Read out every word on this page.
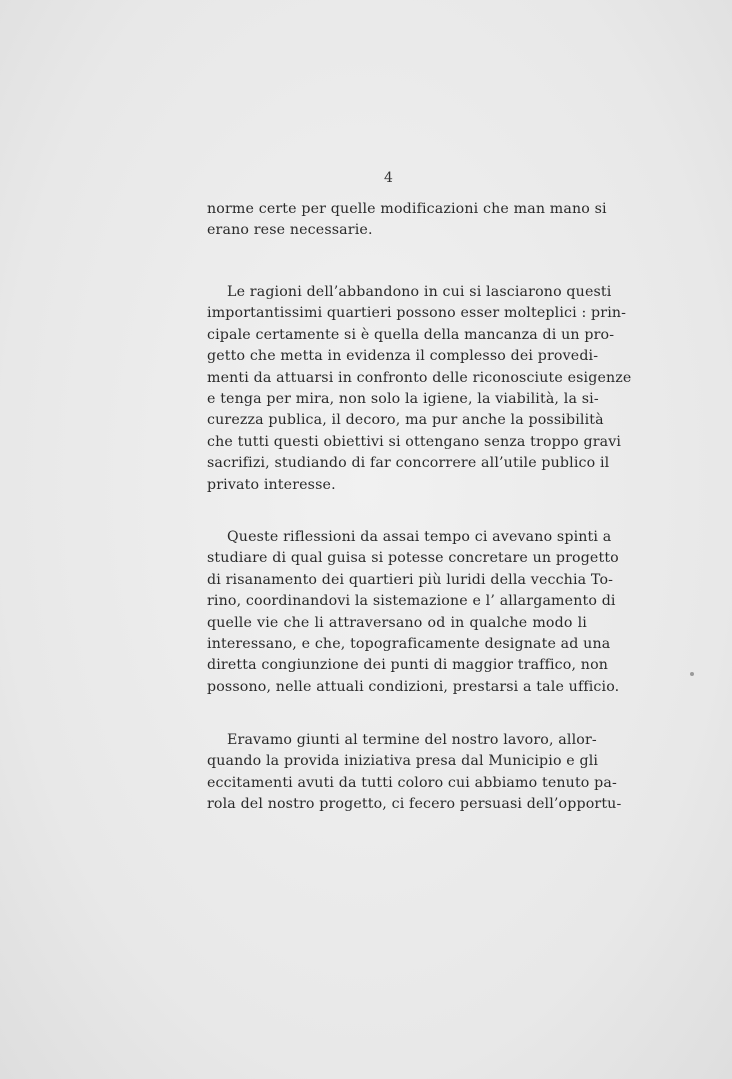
4
norme certe per quelle modificazioni che man mano si
erano rese necessarie.
Le ragioni dell’abbandono in cui si lasciarono questi
importantissimi quartieri possono esser molteplici : prin-
cipale certamente si è quella della mancanza di un pro-
getto che metta in evidenza il complesso dei provedi-
menti da attuarsi in confronto delle riconosciute esigenze
e tenga per mira, non solo la igiene, la viabilità, la si-
curezza publica, il decoro, ma pur anche la possibilità
che tutti questi obiettivi si ottengano senza troppo gravi
sacrifizi, studiando di far concorrere all’utile publico il
privato interesse.
Queste riflessioni da assai tempo ci avevano spinti a
studiare di qual guisa si potesse concretare un progetto
di risanamento dei quartieri più luridi della vecchia To-
rino, coordinandovi la sistemazione e l’ allargamento di
quelle vie che li attraversano od in qualche modo li
interessano, e che, topograficamente designate ad una
diretta congiunzione dei punti di maggior traffico, non
possono, nelle attuali condizioni, prestarsi a tale ufficio.
Eravamo giunti al termine del nostro lavoro, allor-
quando la provida iniziativa presa dal Municipio e gli
eccitamenti avuti da tutti coloro cui abbiamo tenuto pa-
rola del nostro progetto, ci fecero persuasi dell’opportu-
